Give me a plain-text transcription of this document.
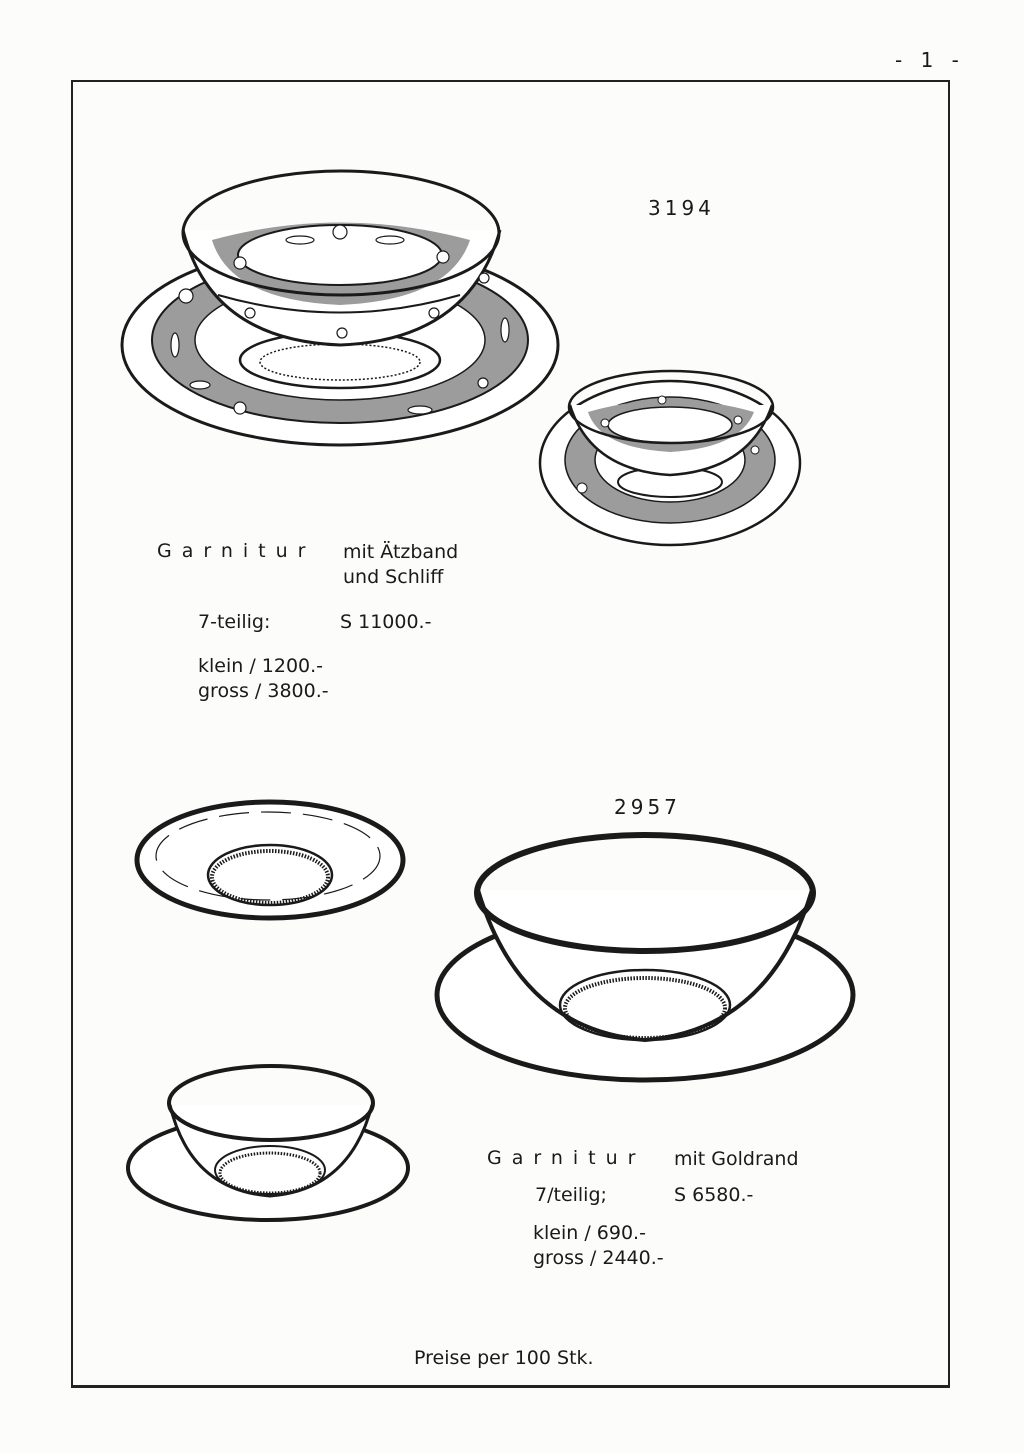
- 1 -
3194
Garnitur mit Ätzband
und Schliff
7-teilig:	S 11000.-
klein / 1200.-
gross / 3800.-
2957
Garnitur mit Goldrand
7/teilig;	S 6580.-
klein / 690.-
gross / 2440.-
Preise per 100 Stk.
